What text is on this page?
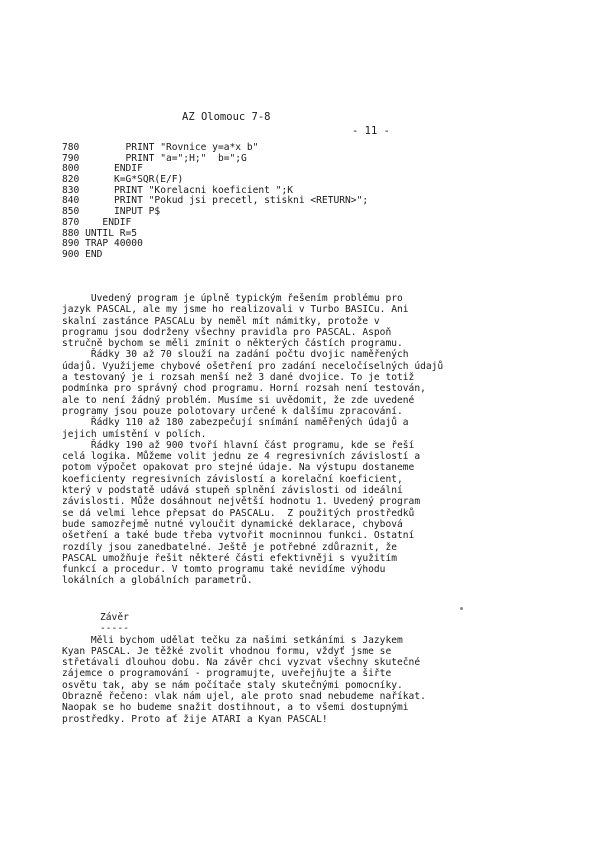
AZ Olomouc 7-8

- 11 -

780        PRINT "Rovnice y=a*x b"
790        PRINT "a=";H;"  b=";G
800      ENDIF
820      K=G*SQR(E/F)
830      PRINT "Korelacni koeficient ";K
840      PRINT "Pokud jsi precetl, stiskni <RETURN>";
850      INPUT P$
870    ENDIF
880 UNTIL R=5
890 TRAP 40000
900 END
Uvedený program je úplně typickým řešením problému pro
jazyk PASCAL, ale my jsme ho realizovali v Turbo BASICu. Ani
skalní zastánce PASCALu by neměl mít námitky, protože v
programu jsou dodrženy všechny pravidla pro PASCAL. Aspoň
stručně bychom se měli zmínit o některých částích programu.
Řádky 30 až 70 slouží na zadání počtu dvojic naměřených
údajů. Využijeme chybové ošetření pro zadání neceločíselných údajů
a testovaný je i rozsah menší než 3 dané dvojice. To je totiž
podmínka pro správný chod programu. Horní rozsah není testován,
ale to není žádný problém. Musíme si uvědomit, že zde uvedené
programy jsou pouze polotovary určené k dalšímu zpracování.
Řádky 110 až 180 zabezpečují snímání naměřených údajů a
jejich umístění v polích.
Řádky 190 až 900 tvoří hlavní část programu, kde se řeší
celá logika. Můžeme volit jednu ze 4 regresivních závislostí a
potom výpočet opakovat pro stejné údaje. Na výstupu dostaneme
koeficienty regresivních závislostí a korelační koeficient,
který v podstatě udává stupeň splnění závislosti od ideální
závislosti. Může dosáhnout největší hodnotu 1. Uvedený program
se dá velmi lehce přepsat do PASCALu.  Z použitých prostředků
bude samozřejmě nutné vyloučit dynamické deklarace, chybová
ošetření a také bude třeba vytvořit mocninnou funkci. Ostatní
rozdíly jsou zanedbatelné. Ještě je potřebné zdůraznit, že
PASCAL umožňuje řešit některé části efektivněji s využitím
funkcí a procedur. V tomto programu také nevidíme výhodu
lokálních a globálních parametrů.
Závěr
-----
Měli bychom udělat tečku za našimi setkáními s Jazykem
Kyan PASCAL. Je těžké zvolit vhodnou formu, vždyť jsme se
střetávali dlouhou dobu. Na závěr chci vyzvat všechny skutečné
zájemce o programování - programujte, uveřejňujte a šiřte
osvětu tak, aby se nám počítače staly skutečnými pomocníky.
Obrazně řečeno: vlak nám ujel, ale proto snad nebudeme naříkat.
Naopak se ho budeme snažit dostihnout, a to všemi dostupnými
prostředky. Proto ať žije ATARI a Kyan PASCAL!
